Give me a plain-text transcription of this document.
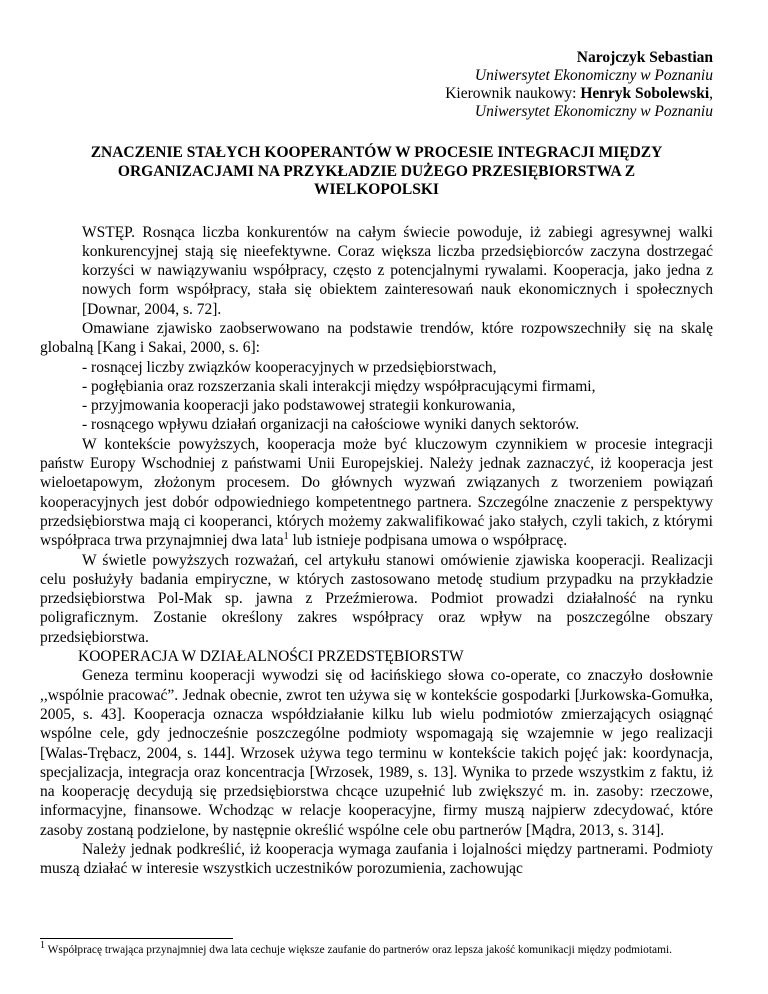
Narojczyk Sebastian
Uniwersytet Ekonomiczny w Poznaniu
Kierownik naukowy: Henryk Sobolewski,
Uniwersytet Ekonomiczny w Poznaniu
ZNACZENIE STAŁYCH KOOPERANTÓW W PROCESIE INTEGRACJI MIĘDZY ORGANIZACJAMI NA PRZYKŁADZIE DUŻEGO PRZESIĘBIORSTWA Z WIELKOPOLSKI

WSTĘP. Rosnąca liczba konkurentów na całym świecie powoduje, iż zabiegi agresywnej walki konkurencyjnej stają się nieefektywne. Coraz większa liczba przedsiębiorców zaczyna dostrzegać korzyści w nawiązywaniu współpracy, często z potencjalnymi rywalami. Kooperacja, jako jedna z nowych form współpracy, stała się obiektem zainteresowań nauk ekonomicznych i społecznych [Downar, 2004, s. 72].

Omawiane zjawisko zaobserwowano na podstawie trendów, które rozpowszechniły się na skalę globalną [Kang i Sakai, 2000, s. 6]:

- rosnącej liczby związków kooperacyjnych w przedsiębiorstwach,
- pogłębiania oraz rozszerzania skali interakcji między współpracującymi firmami,
- przyjmowania kooperacji jako podstawowej strategii konkurowania,
- rosnącego wpływu działań organizacji na całościowe wyniki danych sektorów.

W kontekście powyższych, kooperacja może być kluczowym czynnikiem w procesie integracji państw Europy Wschodniej z państwami Unii Europejskiej. Należy jednak zaznaczyć, iż kooperacja jest wieloetapowym, złożonym procesem. Do głównych wyzwań związanych z tworzeniem powiązań kooperacyjnych jest dobór odpowiedniego kompetentnego partnera. Szczególne znaczenie z perspektywy przedsiębiorstwa mają ci kooperanci, których możemy zakwalifikować jako stałych, czyli takich, z którymi współpraca trwa przynajmniej dwa lata$^1$ lub istnieje podpisana umowa o współpracę.

W świetle powyższych rozważań, cel artykułu stanowi omówienie zjawiska kooperacji. Realizacji celu posłużyły badania empiryczne, w których zastosowano metodę studium przypadku na przykładzie przedsiębiorstwa Pol-Mak sp. jawna z Przeźmierowa. Podmiot prowadzi działalność na rynku poligraficznym. Zostanie określony zakres współpracy oraz wpływ na poszczególne obszary przedsiębiorstwa.

KOOPERACJA W DZIAŁALNOŚCI PRZEDSTĘBIORSTW

Geneza terminu kooperacji wywodzi się od łacińskiego słowa co-operate, co znaczyło dosłownie ,,wspólnie pracować”. Jednak obecnie, zwrot ten używa się w kontekście gospodarki [Jurkowska-Gomułka, 2005, s. 43]. Kooperacja oznacza współdziałanie kilku lub wielu podmiotów zmierzających osiągnąć wspólne cele, gdy jednocześnie poszczególne podmioty wspomagają się wzajemnie w jego realizacji [Walas-Trębacz, 2004, s. 144]. Wrzosek używa tego terminu w kontekście takich pojęć jak: koordynacja, specjalizacja, integracja oraz koncentracja [Wrzosek, 1989, s. 13]. Wynika to przede wszystkim z faktu, iż na kooperację decydują się przedsiębiorstwa chcące uzupełnić lub zwiększyć m. in. zasoby: rzeczowe, informacyjne, finansowe. Wchodząc w relacje kooperacyjne, firmy muszą najpierw zdecydować, które zasoby zostaną podzielone, by następnie określić wspólne cele obu partnerów [Mądra, 2013, s. 314].

Należy jednak podkreślić, iż kooperacja wymaga zaufania i lojalności między partnerami. Podmioty muszą działać w interesie wszystkich uczestników porozumienia, zachowując

$^1$ Współpracę trwająca przynajmniej dwa lata cechuje większe zaufanie do partnerów oraz lepsza jakość komunikacji między podmiotami.
